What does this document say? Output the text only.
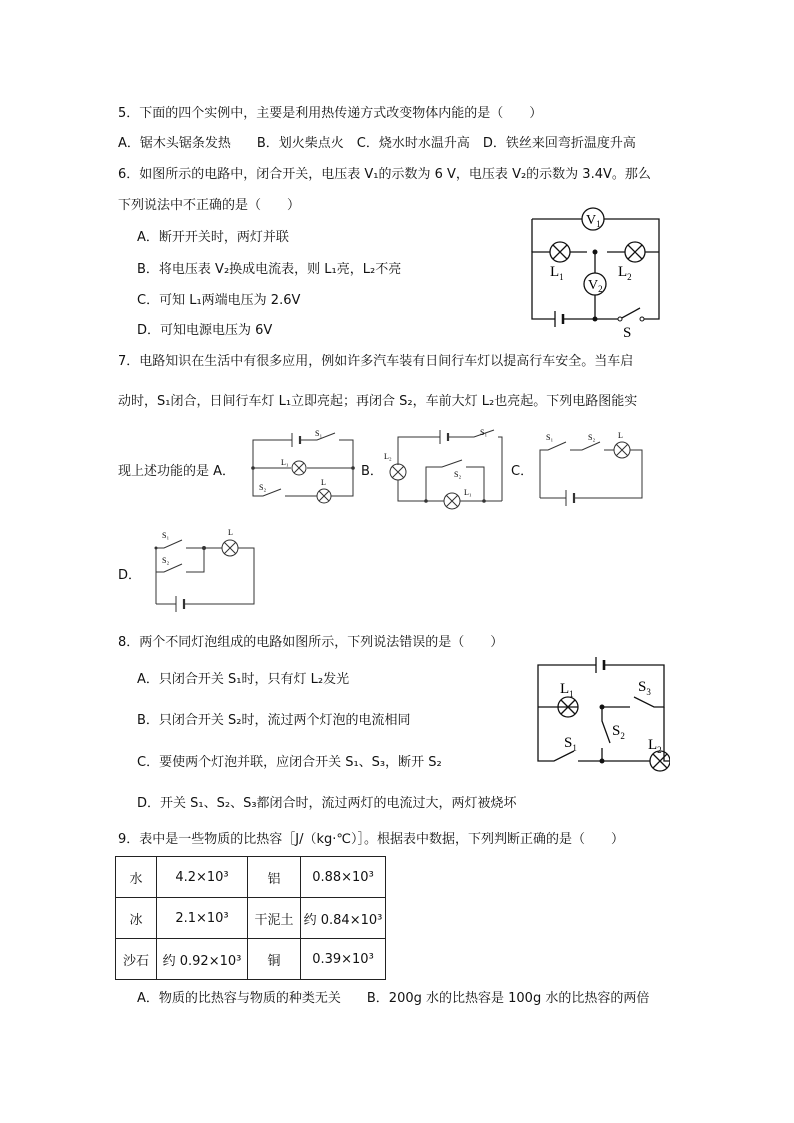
5．下面的四个实例中，主要是利用热传递方式改变物体内能的是（　　）
A．锯木头锯条发热　　B．划火柴点火　C．烧水时水温升高　D．铁丝来回弯折温度升高
6．如图所示的电路中，闭合开关，电压表 V₁的示数为 6 V，电压表 V₂的示数为 3.4V。那么
下列说法中不正确的是（　　）
A．断开开关时，两灯并联
B．将电压表 V₂换成电流表，则 L₁亮，L₂不亮
C．可知 L₁两端电压为 2.6V
D．可知电源电压为 6V
$V_1$
$V_2$
$L_1$	$L_2$
S
7．电路知识在生活中有很多应用，例如许多汽车装有日间行车灯以提高行车安全。当车启
动时，S₁闭合，日间行车灯 L₁立即亮起；再闭合 S₂，车前大灯 L₂也亮起。下列电路图能实
现上述功能的是 A．	B．	C．
D．
S₁
L₁
S₂
L
L₂
S₁
S₂
L₁
S₁	S₂	L
S₁
S₂
L
8．两个不同灯泡组成的电路如图所示，下列说法错误的是（　　）
A．只闭合开关 S₁时，只有灯 L₂发光
B．只闭合开关 S₂时，流过两个灯泡的电流相同
C．要使两个灯泡并联，应闭合开关 S₁、S₃，断开 S₂
D．开关 S₁、S₂、S₃都闭合时，流过两灯的电流过大，两灯被烧坏
$L_1$	$S_3$
$S_2$
$S_1$	$L_2$
9．表中是一些物质的比热容［J/（kg·℃）］。根据表中数据，下列判断正确的是（　　）
水	4.2×10³	铝	0.88×10³
冰	2.1×10³	干泥土	约 0.84×10³
沙石	约 0.92×10³	铜	0.39×10³
A．物质的比热容与物质的种类无关　　B．200g 水的比热容是 100g 水的比热容的两倍
